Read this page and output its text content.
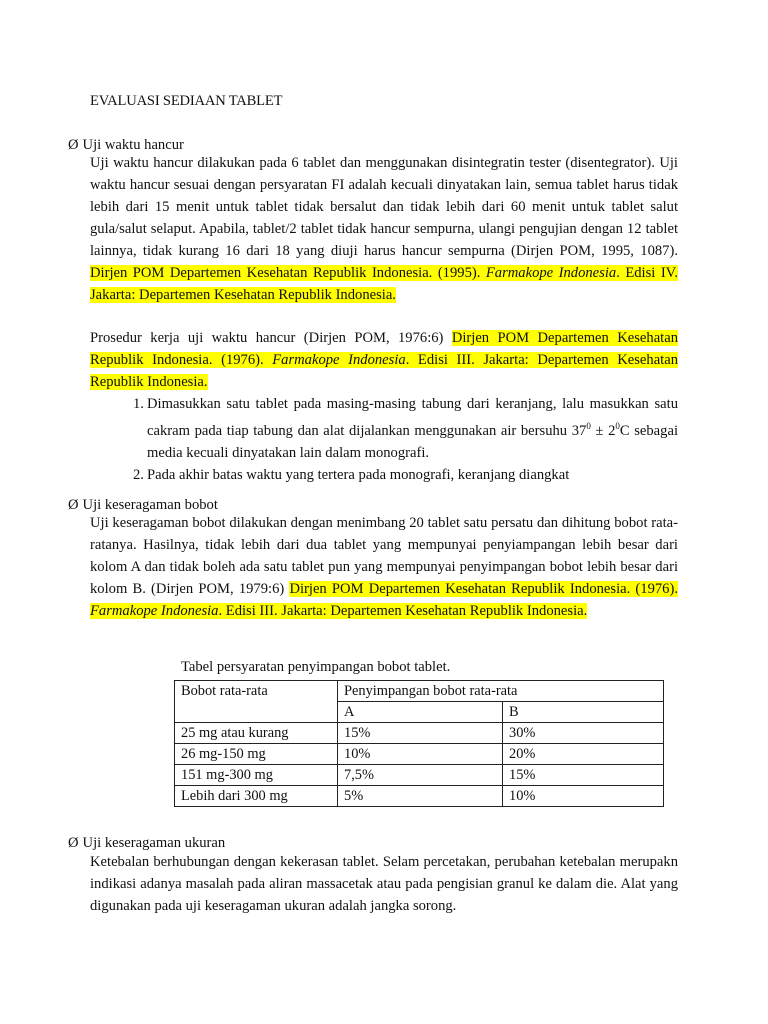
EVALUASI SEDIAAN TABLET
Ø Uji waktu hancur
Uji waktu hancur dilakukan pada 6 tablet dan menggunakan disintegratin tester (disentegrator). Uji waktu hancur sesuai dengan persyaratan FI adalah kecuali dinyatakan lain, semua tablet harus tidak lebih dari 15 menit untuk tablet tidak bersalut dan tidak lebih dari 60 menit untuk tablet salut gula/salut selaput. Apabila, tablet/2 tablet tidak hancur sempurna, ulangi pengujian dengan 12 tablet lainnya, tidak kurang 16 dari 18 yang diuji harus hancur sempurna (Dirjen POM, 1995, 1087). Dirjen POM Departemen Kesehatan Republik Indonesia. (1995). Farmakope Indonesia. Edisi IV. Jakarta: Departemen Kesehatan Republik Indonesia.
Prosedur kerja uji waktu hancur (Dirjen POM, 1976:6) Dirjen POM Departemen Kesehatan Republik Indonesia. (1976). Farmakope Indonesia. Edisi III. Jakarta: Departemen Kesehatan Republik Indonesia.
1. Dimasukkan satu tablet pada masing-masing tabung dari keranjang, lalu masukkan satu cakram pada tiap tabung dan alat dijalankan menggunakan air bersuhu $37^0 \pm 2^0C$ sebagai media kecuali dinyatakan lain dalam monografi.
2. Pada akhir batas waktu yang tertera pada monografi, keranjang diangkat
Ø Uji keseragaman bobot
Uji keseragaman bobot dilakukan dengan menimbang 20 tablet satu persatu dan dihitung bobot rata-ratanya. Hasilnya, tidak lebih dari dua tablet yang mempunyai penyiampangan lebih besar dari kolom A dan tidak boleh ada satu tablet pun yang mempunyai penyimpangan bobot lebih besar dari kolom B. (Dirjen POM, 1979:6) Dirjen POM Departemen Kesehatan Republik Indonesia. (1976). Farmakope Indonesia. Edisi III. Jakarta: Departemen Kesehatan Republik Indonesia.
Tabel persyaratan penyimpangan bobot tablet.
Bobot rata-rata	Penyimpangan bobot rata-rata	
	A	B
25 mg atau kurang	15%	30%
26 mg-150 mg	10%	20%
151 mg-300 mg	7,5%	15%
Lebih dari 300 mg	5%	10%
Ø Uji keseragaman ukuran
Ketebalan berhubungan dengan kekerasan tablet. Selam percetakan, perubahan ketebalan merupakn indikasi adanya masalah pada aliran massacetak atau pada pengisian granul ke dalam die. Alat yang digunakan pada uji keseragaman ukuran adalah jangka sorong.
